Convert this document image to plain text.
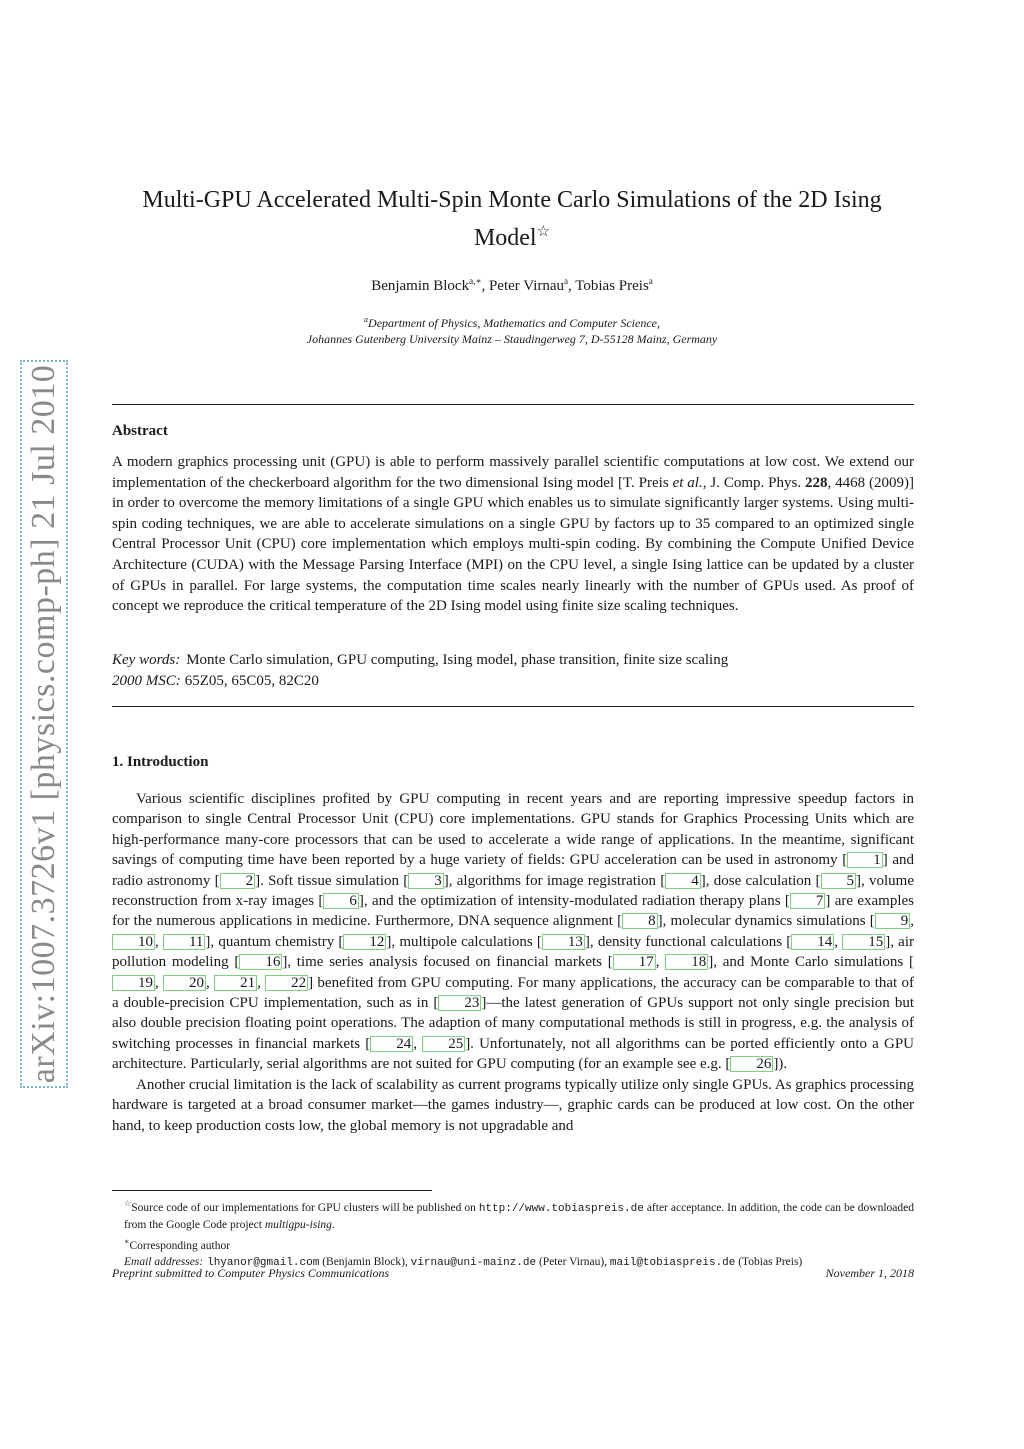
arXiv:1007.3726v1 [physics.comp-ph] 21 Jul 2010
Multi-GPU Accelerated Multi-Spin Monte Carlo Simulations of the 2D Ising
Model☆
Benjamin Block$^{a,∗}$, Peter Virnau$^a$, Tobias Preis$^a$
$^a$Department of Physics, Mathematics and Computer Science,
Johannes Gutenberg University Mainz – Staudingerweg 7, D-55128 Mainz, Germany
Abstract

A modern graphics processing unit (GPU) is able to perform massively parallel scientific computations at low cost. We extend our implementation of the checkerboard algorithm for the two dimensional Ising model [T. Preis et al., J. Comp. Phys. 228, 4468 (2009)] in order to overcome the memory limitations of a single GPU which enables us to simulate significantly larger systems. Using multi-spin coding techniques, we are able to accelerate simulations on a single GPU by factors up to 35 compared to an optimized single Central Processor Unit (CPU) core implementation which employs multi-spin coding. By combining the Compute Unified Device Architecture (CUDA) with the Message Parsing Interface (MPI) on the CPU level, a single Ising lattice can be updated by a cluster of GPUs in parallel. For large systems, the computation time scales nearly linearly with the number of GPUs used. As proof of concept we reproduce the critical temperature of the 2D Ising model using finite size scaling techniques.

Key words: Monte Carlo simulation, GPU computing, Ising model, phase transition, finite size scaling
2000 MSC: 65Z05, 65C05, 82C20
1. Introduction

Various scientific disciplines profited by GPU computing in recent years and are reporting impressive speedup factors in comparison to single Central Processor Unit (CPU) core implementations. GPU stands for Graphics Processing Units which are high-performance many-core processors that can be used to accelerate a wide range of applications. In the meantime, significant savings of computing time have been reported by a huge variety of fields: GPU acceleration can be used in astronomy [ 1 ] and radio astronomy [ 2 ]. Soft tissue simulation [ 3 ], algorithms for image registration [ 4 ], dose calculation [ 5 ], volume reconstruction from x-ray images [ 6 ], and the optimization of intensity-modulated radiation therapy plans [ 7 ] are examples for the numerous applications in medicine. Furthermore, DNA sequence alignment [ 8 ], molecular dynamics simulations [ 9 , 10 , 11 ], quantum chemistry [ 12 ], multipole calculations [ 13 ], density functional calculations [ 14 , 15 ], air pollution modeling [ 16 ], time series analysis focused on financial markets [ 17 , 18 ], and Monte Carlo simulations [19 , 20 , 21 , 22 ] benefited from GPU computing. For many applications, the accuracy can be comparable to that of a double-precision CPU implementation, such as in [ 23 ]—the latest generation of GPUs support not only single precision but also double precision floating point operations. The adaption of many computational methods is still in progress, e.g. the analysis of switching processes in financial markets [ 24 , 25 ]. Unfortunately, not all algorithms can be ported efficiently onto a GPU architecture. Particularly, serial algorithms are not suited for GPU computing (for an example see e.g. [ 26 ]).

Another crucial limitation is the lack of scalability as current programs typically utilize only single GPUs. As graphics processing hardware is targeted at a broad consumer market—the games industry—, graphic cards can be produced at low cost. On the other hand, to keep production costs low, the global memory is not upgradable and

☆Source code of our implementations for GPU clusters will be published on http://www.tobiaspreis.de after acceptance. In addition, the code can be downloaded from the Google Code project multigpu-ising.

∗Corresponding author

Email addresses: lhyanor@gmail.com (Benjamin Block), virnau@uni-mainz.de (Peter Virnau), mail@tobiaspreis.de (Tobias Preis)

Preprint submitted to Computer Physics Communications	November 1, 2018
